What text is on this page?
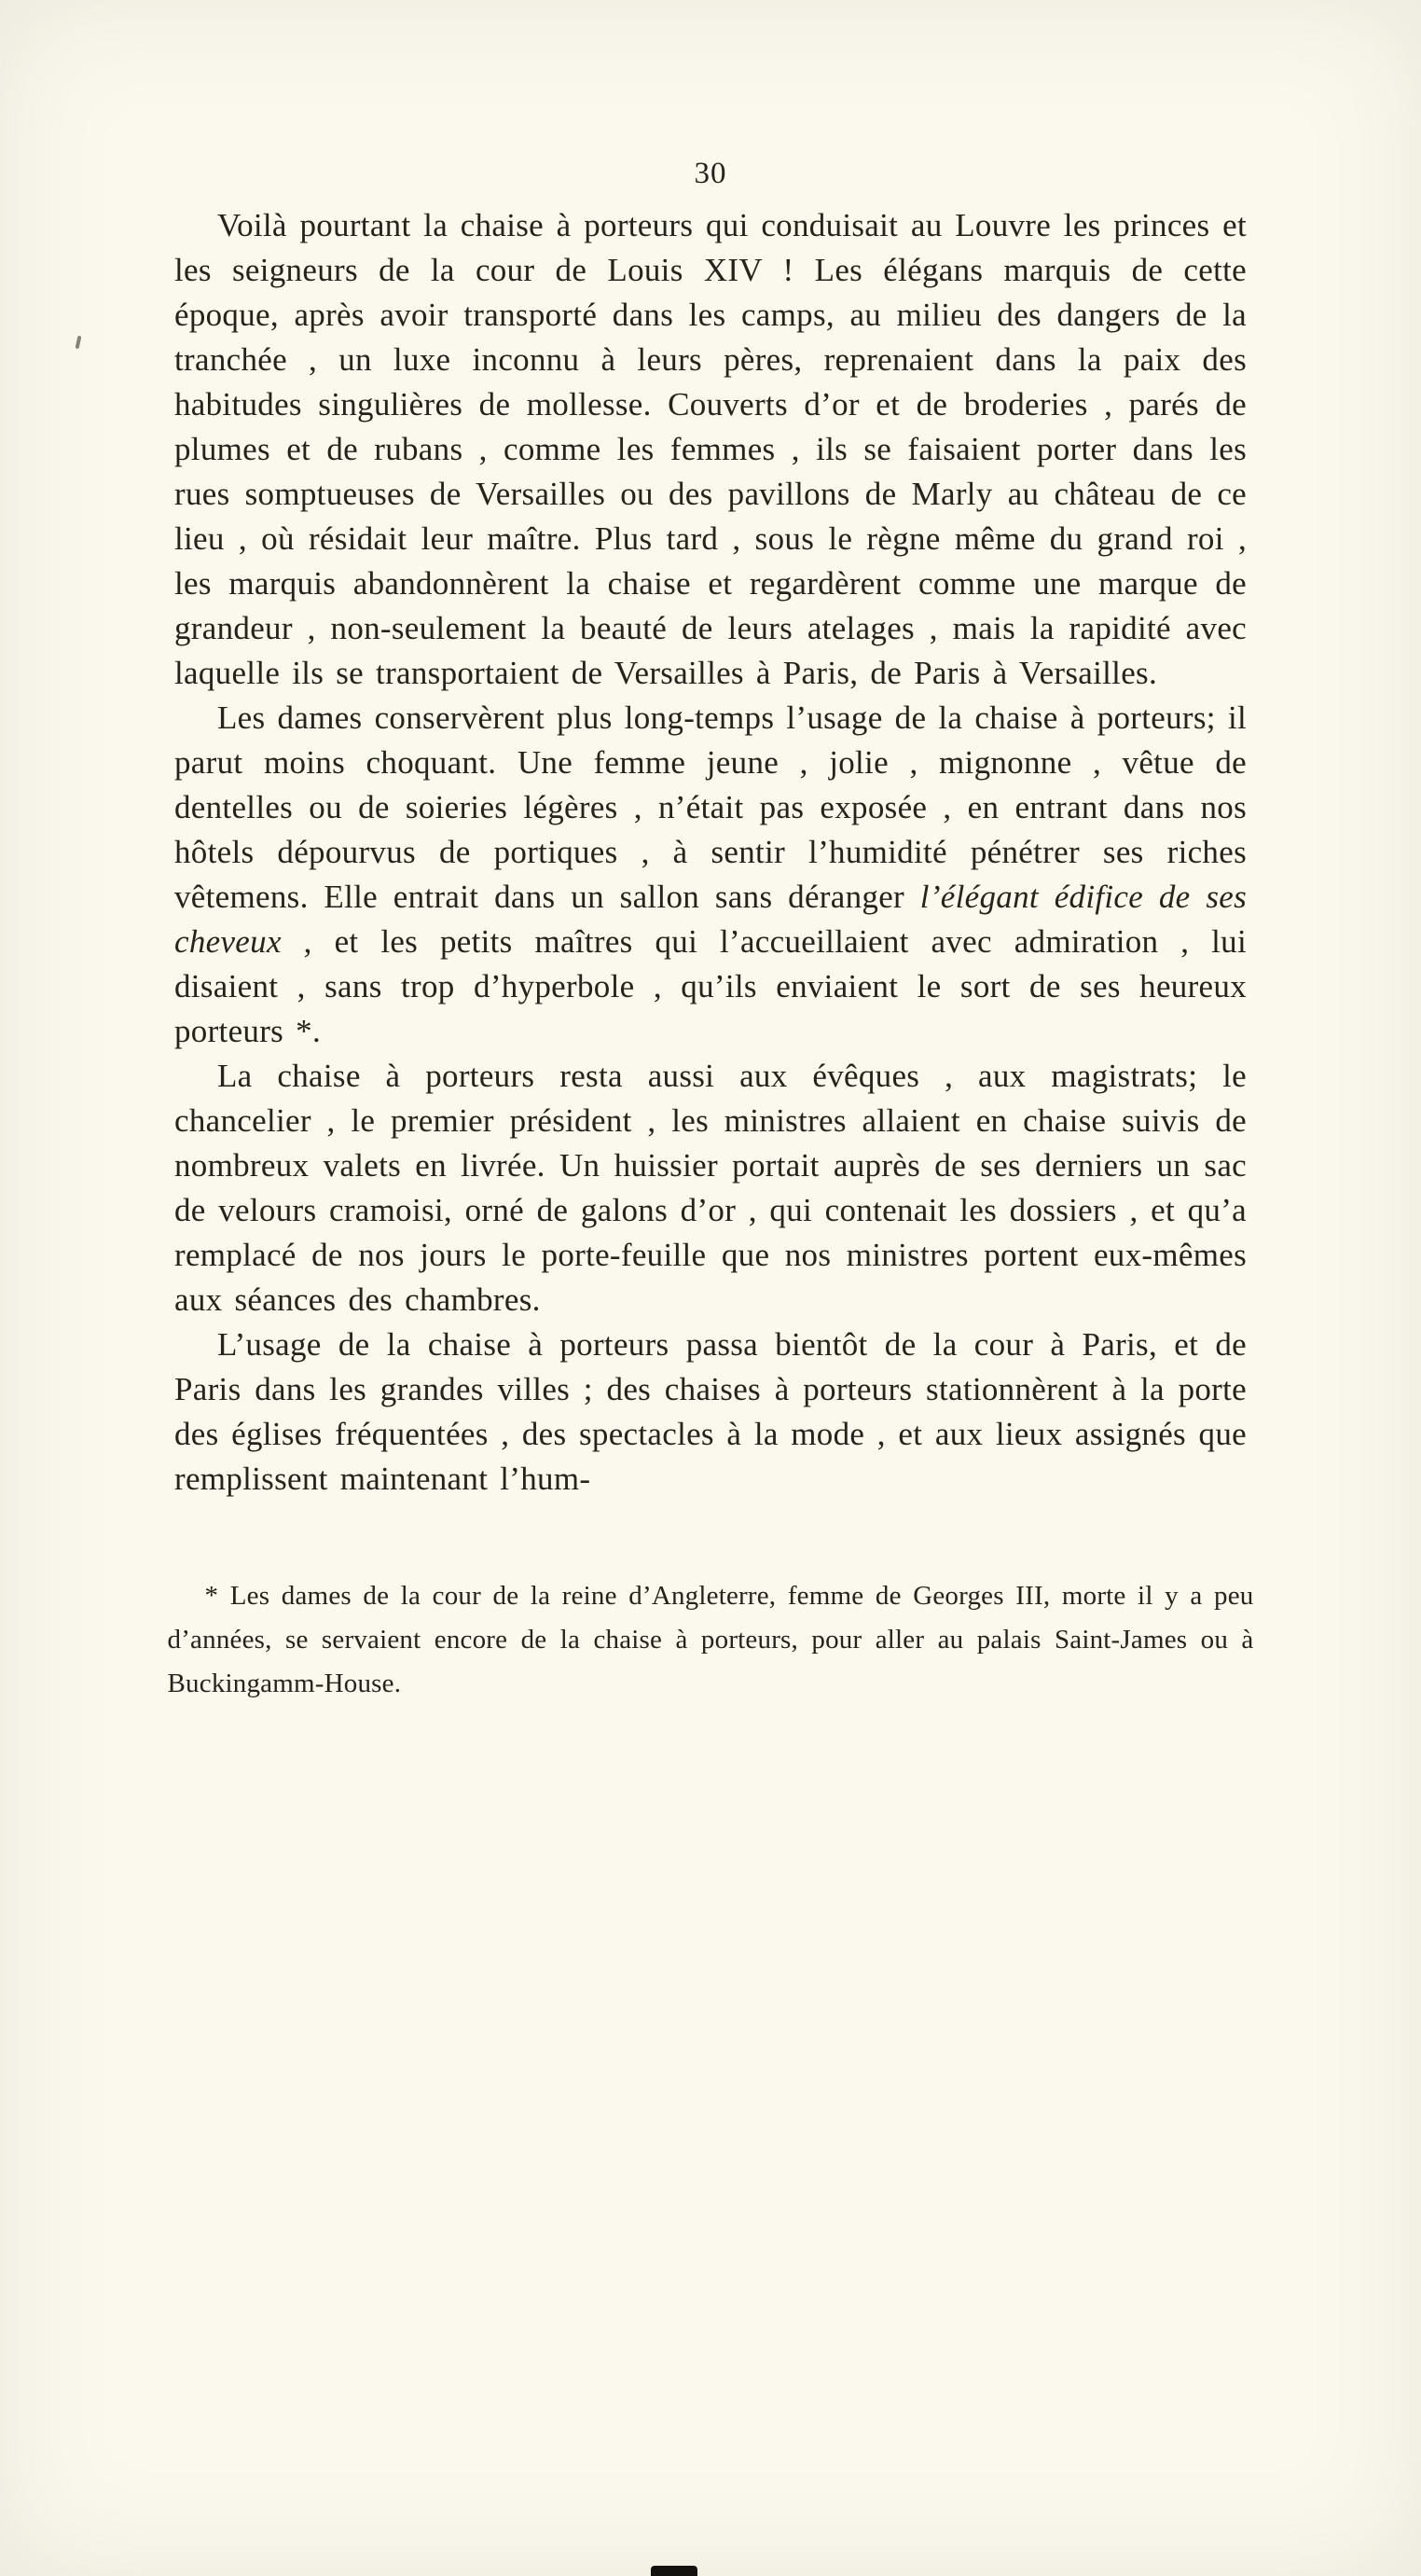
30

Voilà pourtant la chaise à porteurs qui conduisait au Louvre les princes et les seigneurs de la cour de Louis XIV ! Les élégans marquis de cette époque, après avoir transporté dans les camps, au milieu des dangers de la tranchée , un luxe inconnu à leurs pères, reprenaient dans la paix des habitudes singulières de mollesse. Couverts d’or et de broderies , parés de plumes et de rubans , comme les femmes , ils se faisaient porter dans les rues somptueuses de Versailles ou des pavillons de Marly au château de ce lieu , où résidait leur maître. Plus tard , sous le règne même du grand roi , les marquis abandonnèrent la chaise et regardèrent comme une marque de grandeur , non-seulement la beauté de leurs atelages , mais la rapidité avec laquelle ils se transportaient de Versailles à Paris, de Paris à Versailles.

Les dames conservèrent plus long-temps l’usage de la chaise à porteurs; il parut moins choquant. Une femme jeune , jolie , mignonne , vêtue de dentelles ou de soieries légères , n’était pas exposée , en entrant dans nos hôtels dépourvus de portiques , à sentir l’humidité pénétrer ses riches vêtemens. Elle entrait dans un sallon sans déranger l’élégant édifice de ses cheveux , et les petits maîtres qui l’accueillaient avec admiration , lui disaient , sans trop d’hyperbole , qu’ils enviaient le sort de ses heureux porteurs *.

La chaise à porteurs resta aussi aux évêques , aux magistrats; le chancelier , le premier président , les ministres allaient en chaise suivis de nombreux valets en livrée. Un huissier portait auprès de ses derniers un sac de velours cramoisi, orné de galons d’or , qui contenait les dossiers , et qu’a remplacé de nos jours le porte-feuille que nos ministres portent eux-mêmes aux séances des chambres.

L’usage de la chaise à porteurs passa bientôt de la cour à Paris, et de Paris dans les grandes villes ; des chaises à porteurs stationnèrent à la porte des églises fréquentées , des spectacles à la mode , et aux lieux assignés que remplissent maintenant l’hum-

* Les dames de la cour de la reine d’Angleterre, femme de Georges III, morte il y a peu d’années, se servaient encore de la chaise à porteurs, pour aller au palais Saint-James ou à Buckingamm-House.
